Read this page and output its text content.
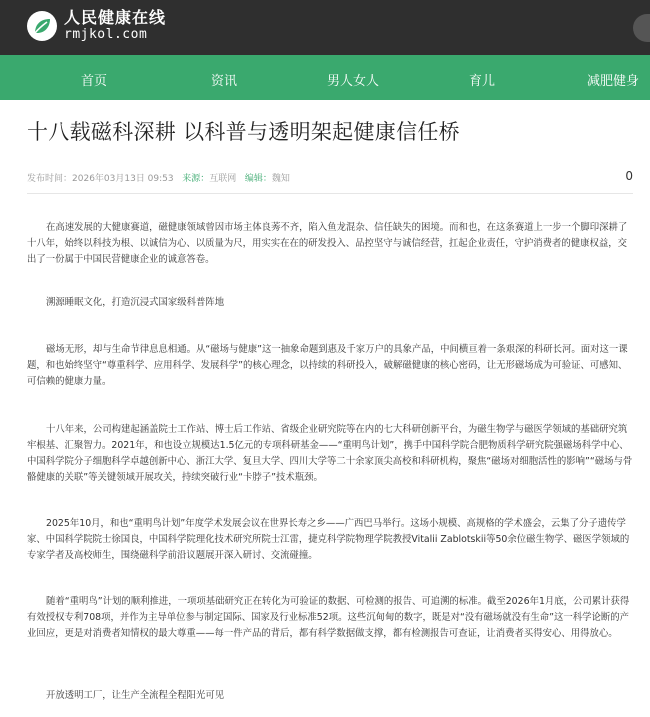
人民健康在线
rmjkol.com
首页	资讯	男人女人	育儿	减肥健身
十八载磁科深耕 以科普与透明架起健康信任桥
发布时间：2026年03月13日 09:53 来源：互联网 编辑：魏知	0

在高速发展的大健康赛道，磁健康领域曾因市场主体良莠不齐，陷入鱼龙混杂、信任缺失的困境。而和也，在这条赛道上一步一个脚印深耕了十八年，始终以科技为根、以诚信为心、以质量为尺，用实实在在的研发投入、品控坚守与诚信经营，扛起企业责任，守护消费者的健康权益，交出了一份属于中国民营健康企业的诚意答卷。

溯源睡眠文化，打造沉浸式国家级科普阵地

磁场无形，却与生命节律息息相通。从“磁场与健康”这一抽象命题到惠及千家万户的具象产品，中间横亘着一条艰深的科研长河。面对这一课题，和也始终坚守“尊重科学、应用科学、发展科学”的核心理念，以持续的科研投入，破解磁健康的核心密码，让无形磁场成为可验证、可感知、可信赖的健康力量。

十八年来，公司构建起涵盖院士工作站、博士后工作站、省级企业研究院等在内的七大科研创新平台，为磁生物学与磁医学领域的基础研究筑牢根基、汇聚智力。2021年，和也设立规模达1.5亿元的专项科研基金——“重明鸟计划”，携手中国科学院合肥物质科学研究院强磁场科学中心、中国科学院分子细胞科学卓越创新中心、浙江大学、复旦大学、四川大学等二十余家顶尖高校和科研机构，聚焦“磁场对细胞活性的影响”“磁场与骨骼健康的关联”等关键领域开展攻关，持续突破行业“卡脖子”技术瓶颈。

2025年10月，和也“重明鸟计划”年度学术发展会议在世界长寿之乡——广西巴马举行。这场小规模、高规格的学术盛会，云集了分子遗传学家、中国科学院院士徐国良，中国科学院理化技术研究所院士江雷，捷克科学院物理学院教授Vitalii Zablotskii等50余位磁生物学、磁医学领域的专家学者及高校师生，围绕磁科学前沿议题展开深入研讨、交流碰撞。

随着“重明鸟”计划的顺利推进，一项项基础研究正在转化为可验证的数据、可检测的报告、可追溯的标准。截至2026年1月底，公司累计获得有效授权专利708项，并作为主导单位参与制定国际、国家及行业标准52项。这些沉甸甸的数字，既是对“没有磁场就没有生命”这一科学论断的产业回应，更是对消费者知情权的最大尊重——每一件产品的背后，都有科学数据做支撑，都有检测报告可查证，让消费者买得安心、用得放心。

开放透明工厂，让生产全流程全程阳光可见
